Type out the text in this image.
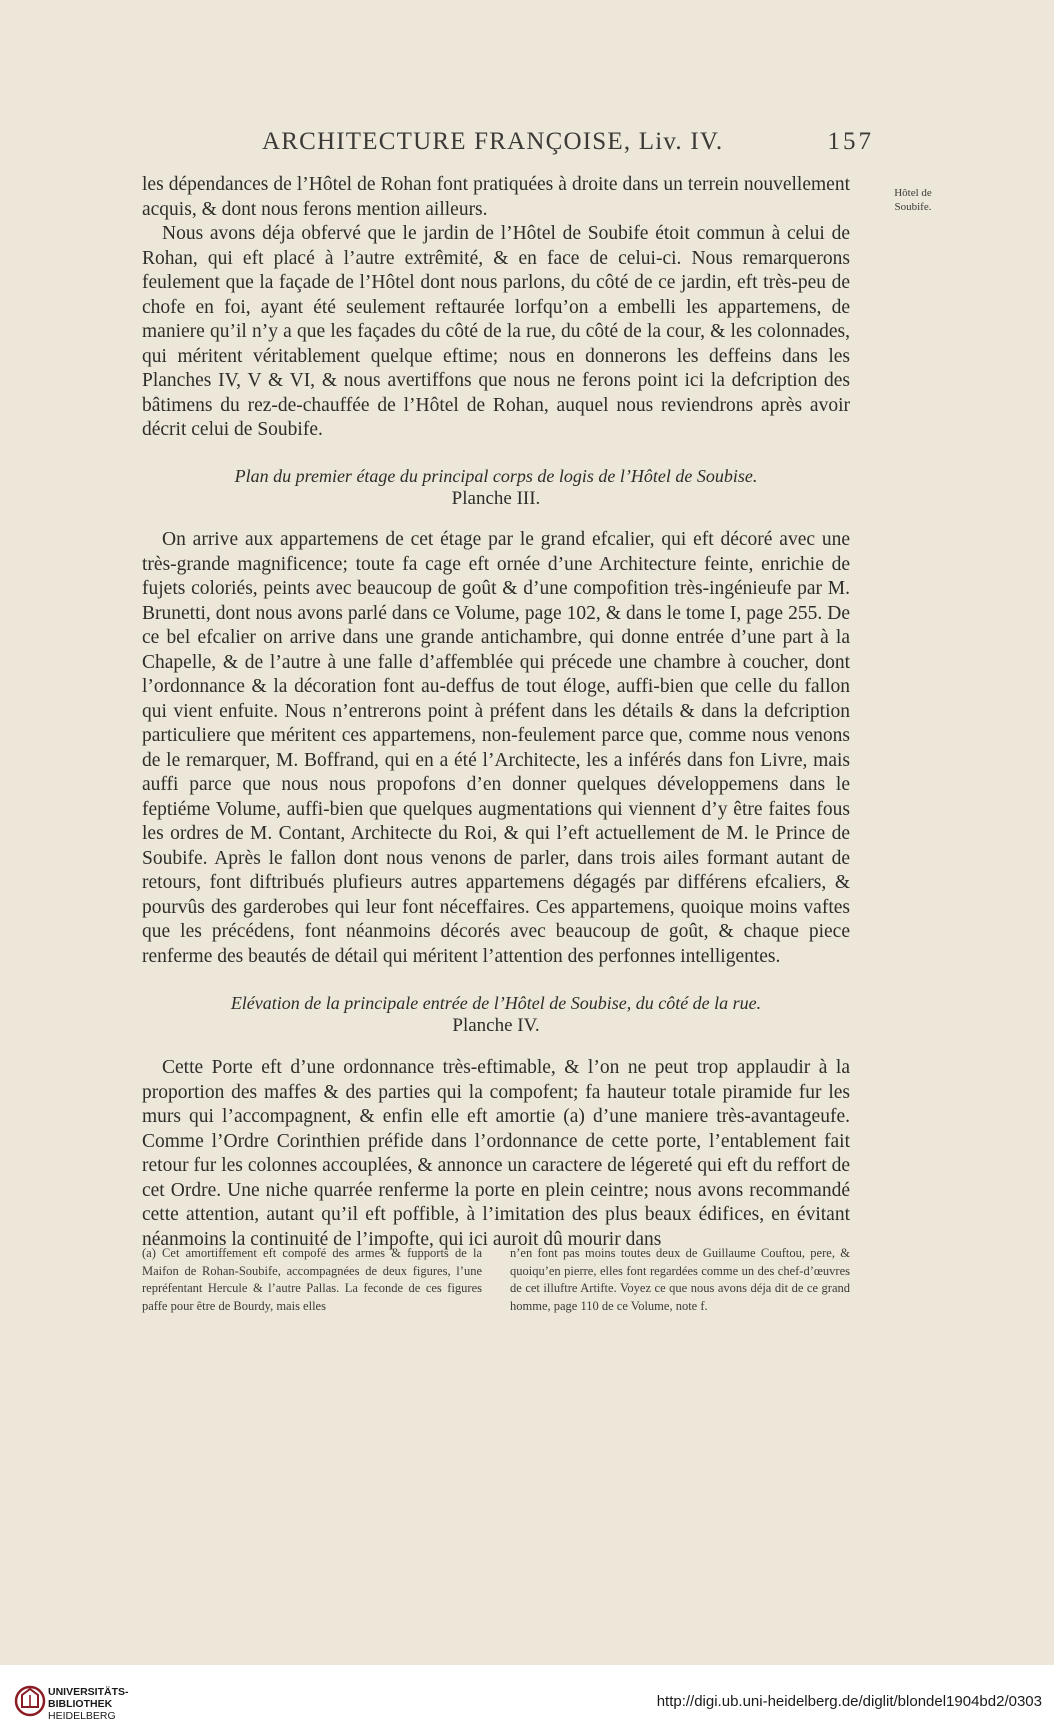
ARCHITECTURE FRANÇOISE, Liv. IV.	157
Hôtel de
Soubife.

les dépendances de l’Hôtel de Rohan font pratiquées à droite dans un terrein nouvellement acquis, & dont nous ferons mention ailleurs.

Nous avons déja obfervé que le jardin de l’Hôtel de Soubife étoit commun à celui de Rohan, qui eft placé à l’autre extrêmité, & en face de celui-ci. Nous remarquerons feulement que la façade de l’Hôtel dont nous parlons, du côté de ce jardin, eft très-peu de chofe en foi, ayant été seulement reftaurée lorfqu’on a embelli les appartemens, de maniere qu’il n’y a que les façades du côté de la rue, du côté de la cour, & les colonnades, qui méritent véritablement quelque eftime; nous en donnerons les deffeins dans les Planches IV, V & VI, & nous avertiffons que nous ne ferons point ici la defcription des bâtimens du rez-de-chauffée de l’Hôtel de Rohan, auquel nous reviendrons après avoir décrit celui de Soubife.

Plan du premier étage du principal corps de logis de l’Hôtel de Soubise.
Planche III.

On arrive aux appartemens de cet étage par le grand efcalier, qui eft décoré avec une très-grande magnificence; toute fa cage eft ornée d’une Architecture feinte, enrichie de fujets coloriés, peints avec beaucoup de goût & d’une compofition très-ingénieufe par M. Brunetti, dont nous avons parlé dans ce Volume, page 102, & dans le tome I, page 255. De ce bel efcalier on arrive dans une grande antichambre, qui donne entrée d’une part à la Chapelle, & de l’autre à une falle d’affemblée qui précede une chambre à coucher, dont l’ordonnance & la décoration font au-deffus de tout éloge, auffi-bien que celle du fallon qui vient enfuite. Nous n’entrerons point à préfent dans les détails & dans la defcription particuliere que méritent ces appartemens, non-feulement parce que, comme nous venons de le remarquer, M. Boffrand, qui en a été l’Architecte, les a inférés dans fon Livre, mais auffi parce que nous nous propofons d’en donner quelques développemens dans le feptiéme Volume, auffi-bien que quelques augmentations qui viennent d’y être faites fous les ordres de M. Contant, Architecte du Roi, & qui l’eft actuellement de M. le Prince de Soubife. Après le fallon dont nous venons de parler, dans trois ailes formant autant de retours, font diftribués plufieurs autres appartemens dégagés par différens efcaliers, & pourvûs des garderobes qui leur font néceffaires. Ces appartemens, quoique moins vaftes que les précédens, font néanmoins décorés avec beaucoup de goût, & chaque piece renferme des beautés de détail qui méritent l’attention des perfonnes intelligentes.

Elévation de la principale entrée de l’Hôtel de Soubise, du côté de la rue.
Planche IV.

Cette Porte eft d’une ordonnance très-eftimable, & l’on ne peut trop applaudir à la proportion des maffes & des parties qui la compofent; fa hauteur totale piramide fur les murs qui l’accompagnent, & enfin elle eft amortie (a) d’une maniere très-avantageufe. Comme l’Ordre Corinthien préfide dans l’ordonnance de cette porte, l’entablement fait retour fur les colonnes accouplées, & annonce un caractere de légereté qui eft du reffort de cet Ordre. Une niche quarrée renferme la porte en plein ceintre; nous avons recommandé cette attention, autant qu’il eft poffible, à l’imitation des plus beaux édifices, en évitant néanmoins la continuité de l’impofte, qui ici auroit dû mourir dans

(a) Cet amortiffement eft compofé des armes & fupports de la Maifon de Rohan-Soubife, accompagnées de deux figures, l’une repréfentant Hercule & l’autre Pallas. La feconde de ces figures paffe pour être de Bourdy, mais elles

n’en font pas moins toutes deux de Guillaume Couftou, pere, & quoiqu’en pierre, elles font regardées comme un des chef-d’œuvres de cet illuftre Artifte. Voyez ce que nous avons déja dit de ce grand homme, page 110 de ce Volume, note f.

UNIVERSITÄTS-
BIBLIOTHEK
HEIDELBERG
http://digi.ub.uni-heidelberg.de/diglit/blondel1904bd2/0303
